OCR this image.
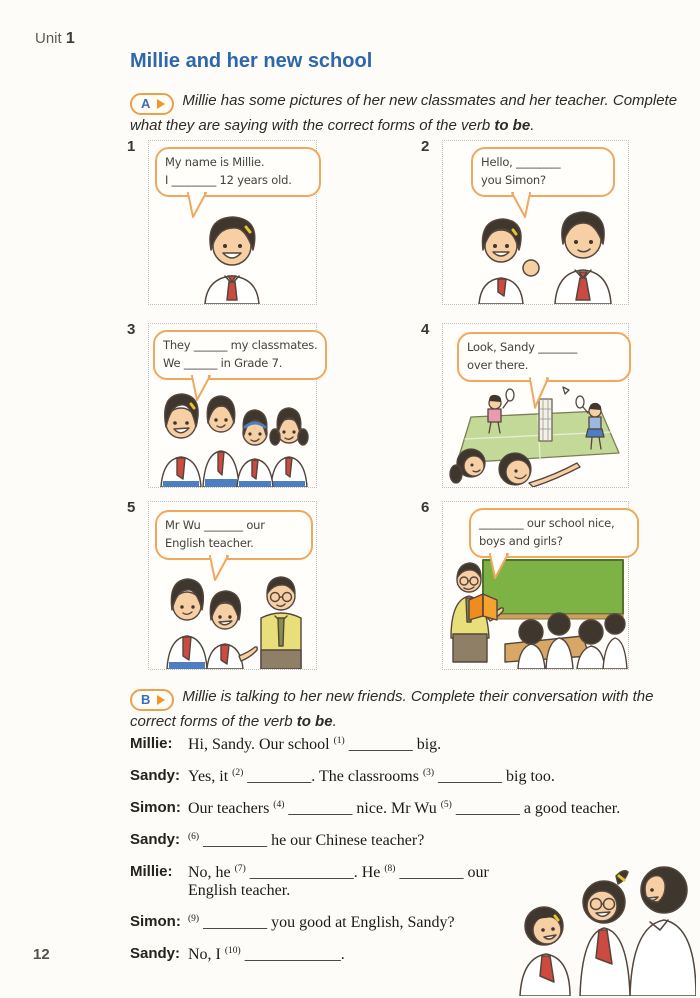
Unit 1
Millie and her new school

A Millie has some pictures of her new classmates and her teacher. Complete what they are saying with the correct forms of the verb to be.

1
My name is Millie.
I ________ 12 years old.
2
Hello, ________
you Simon?
3
They ______ my classmates.
We ______ in Grade 7.
4
Look, Sandy _______
over there.
5
Mr Wu _______ our
English teacher.
6
________ our school nice,
boys and girls?

B Millie is talking to her new friends. Complete their conversation with the correct forms of the verb to be.

Millie: Hi, Sandy. Our school $^{(1)}$ ________ big.
Sandy: Yes, it $^{(2)}$ ________. The classrooms $^{(3)}$ ________ big too.
Simon: Our teachers $^{(4)}$ ________ nice. Mr Wu $^{(5)}$ ________ a good teacher.
Sandy: $^{(6)}$ ________ he our Chinese teacher?
Millie: No, he $^{(7)}$ _____________. He $^{(8)}$ ________ our
English teacher.
Simon: $^{(9)}$ ________ you good at English, Sandy?
Sandy: No, I $^{(10)}$ ____________.
12
